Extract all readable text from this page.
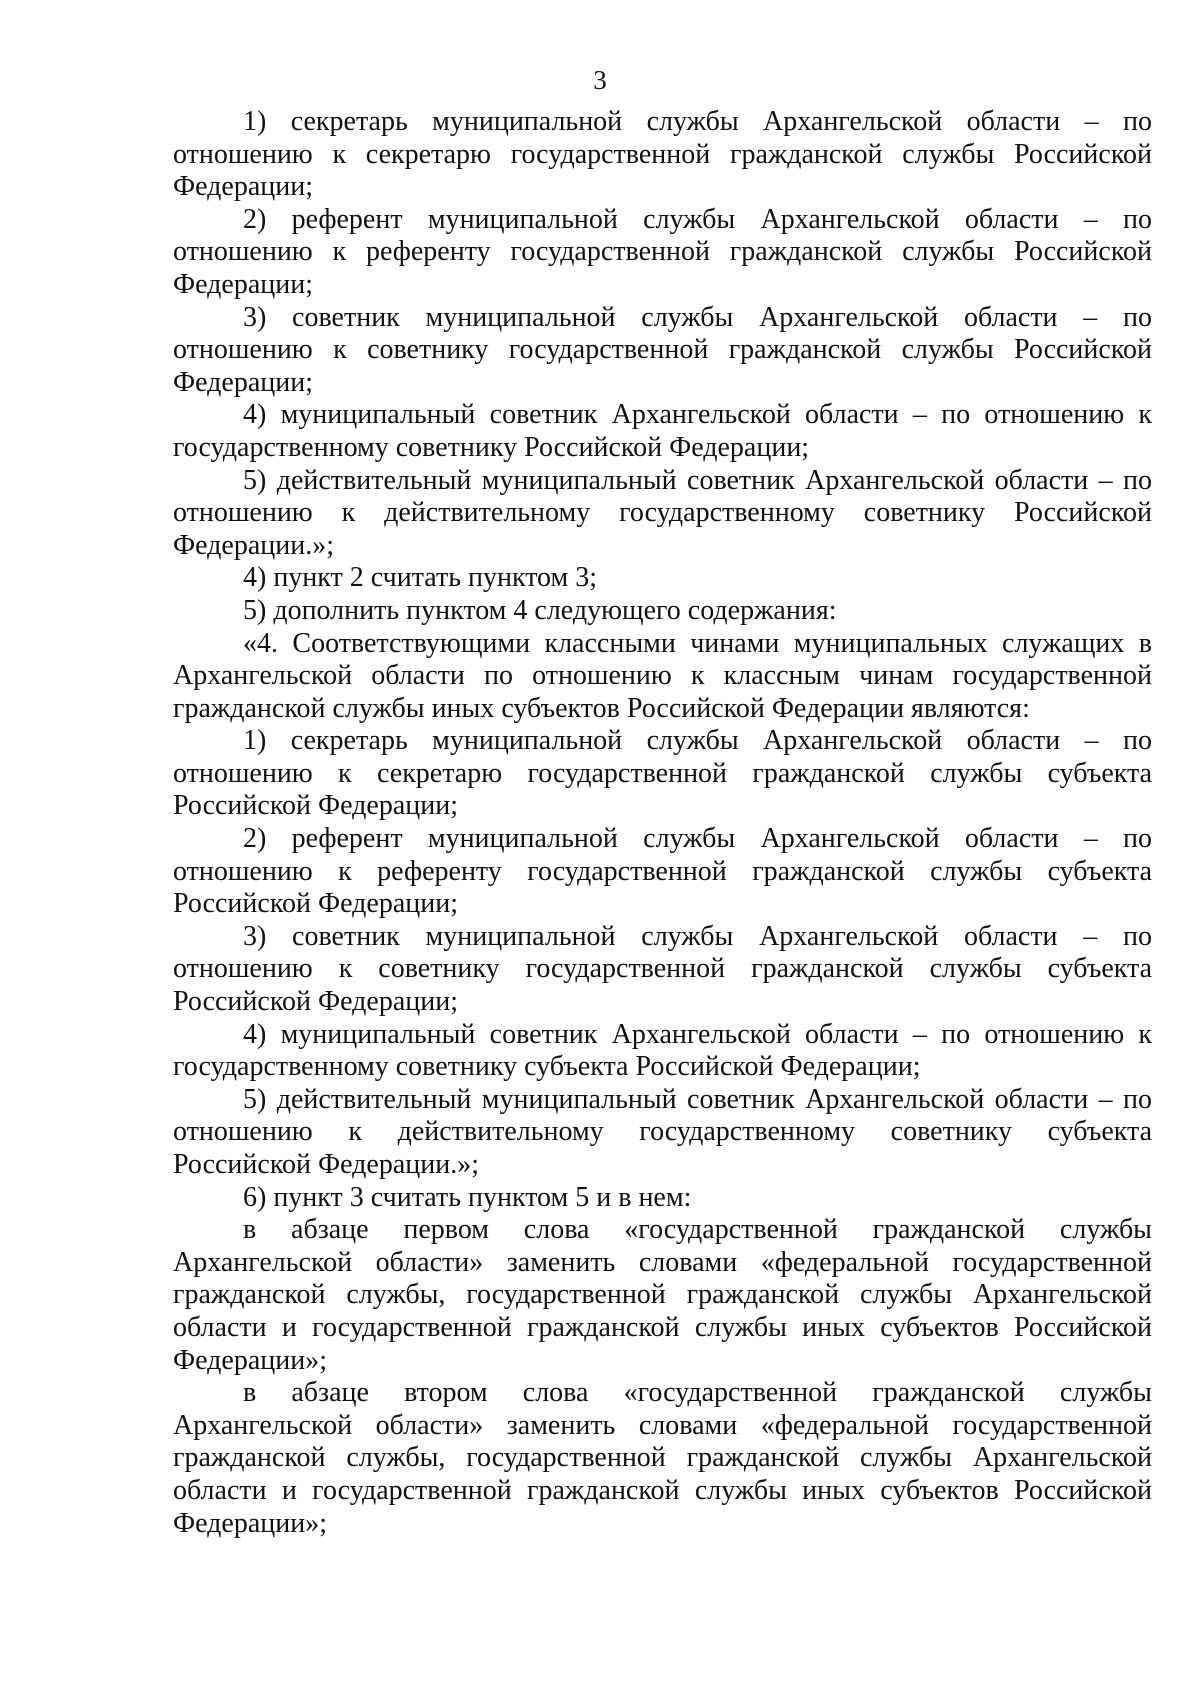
3

1) секретарь муниципальной службы Архангельской области – по отношению к секретарю государственной гражданской службы Российской Федерации;

2) референт муниципальной службы Архангельской области – по отношению к референту государственной гражданской службы Российской Федерации;

3) советник муниципальной службы Архангельской области – по отношению к советнику государственной гражданской службы Российской Федерации;

4) муниципальный советник Архангельской области – по отношению к государственному советнику Российской Федерации;

5) действительный муниципальный советник Архангельской области – по отношению к действительному государственному советнику Российской Федерации.»;

4) пункт 2 считать пунктом 3;

5) дополнить пунктом 4 следующего содержания:

«4. Соответствующими классными чинами муниципальных служащих в Архангельской области по отношению к классным чинам государственной гражданской службы иных субъектов Российской Федерации являются:

1) секретарь муниципальной службы Архангельской области – по отношению к секретарю государственной гражданской службы субъекта Российской Федерации;

2) референт муниципальной службы Архангельской области – по отношению к референту государственной гражданской службы субъекта Российской Федерации;

3) советник муниципальной службы Архангельской области – по отношению к советнику государственной гражданской службы субъекта Российской Федерации;

4) муниципальный советник Архангельской области – по отношению к государственному советнику субъекта Российской Федерации;

5) действительный муниципальный советник Архангельской области – по отношению к действительному государственному советнику субъекта Российской Федерации.»;

6) пункт 3 считать пунктом 5 и в нем:

в абзаце первом слова «государственной гражданской службы Архангельской области» заменить словами «федеральной государственной гражданской службы, государственной гражданской службы Архангельской области и государственной гражданской службы иных субъектов Российской Федерации»;

в абзаце втором слова «государственной гражданской службы Архангельской области» заменить словами «федеральной государственной гражданской службы, государственной гражданской службы Архангельской области и государственной гражданской службы иных субъектов Российской Федерации»;
